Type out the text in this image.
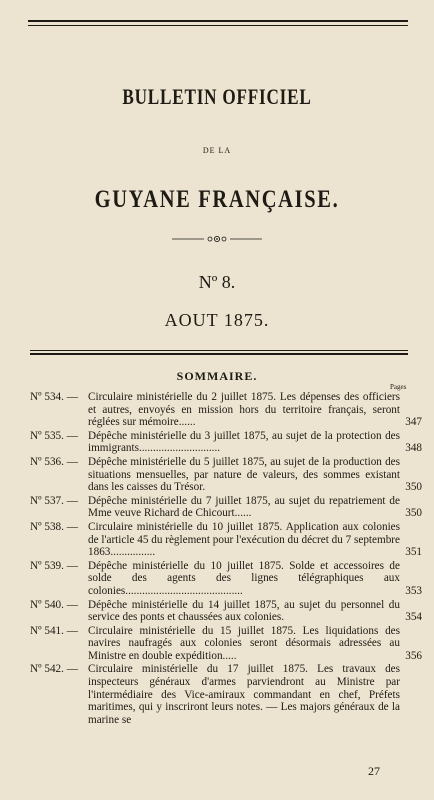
BULLETIN OFFICIEL
DE LA
GUYANE FRANÇAISE.
Nº 8.
AOUT 1875.
SOMMAIRE.
Pages
Nº 534. — Circulaire ministérielle du 2 juillet 1875. Les dépenses des officiers et autres, envoyés en mission hors du territoire français, seront réglées sur mémoire......	347
Nº 535. — Dépêche ministérielle du 3 juillet 1875, au sujet de la protection des immigrants.............................	348
Nº 536. — Dépêche ministérielle du 5 juillet 1875, au sujet de la production des situations mensuelles, par nature de valeurs, des sommes existant dans les caisses du Trésor.	350
Nº 537. — Dépêche ministérielle du 7 juillet 1875, au sujet du repatriement de Mme veuve Richard de Chicourt......	350
Nº 538. — Circulaire ministérielle du 10 juillet 1875. Application aux colonies de l'article 45 du règlement pour l'exécution du décret du 7 septembre 1863................	351
Nº 539. — Dépêche ministérielle du 10 juillet 1875. Solde et accessoires de solde des agents des lignes télégraphiques aux colonies..........................................	353
Nº 540. — Dépêche ministérielle du 14 juillet 1875, au sujet du personnel du service des ponts et chaussées aux colonies.	354
Nº 541. — Circulaire ministérielle du 15 juillet 1875. Les liquidations des navires naufragés aux colonies seront désormais adressées au Ministre en double expédition.....	356
Nº 542. — Circulaire ministérielle du 17 juillet 1875. Les travaux des inspecteurs généraux d'armes parviendront au Ministre par l'intermédiaire des Vice-amiraux commandant en chef, Préfets maritimes, qui y inscriront leurs notes. — Les majors généraux de la marine se
27
